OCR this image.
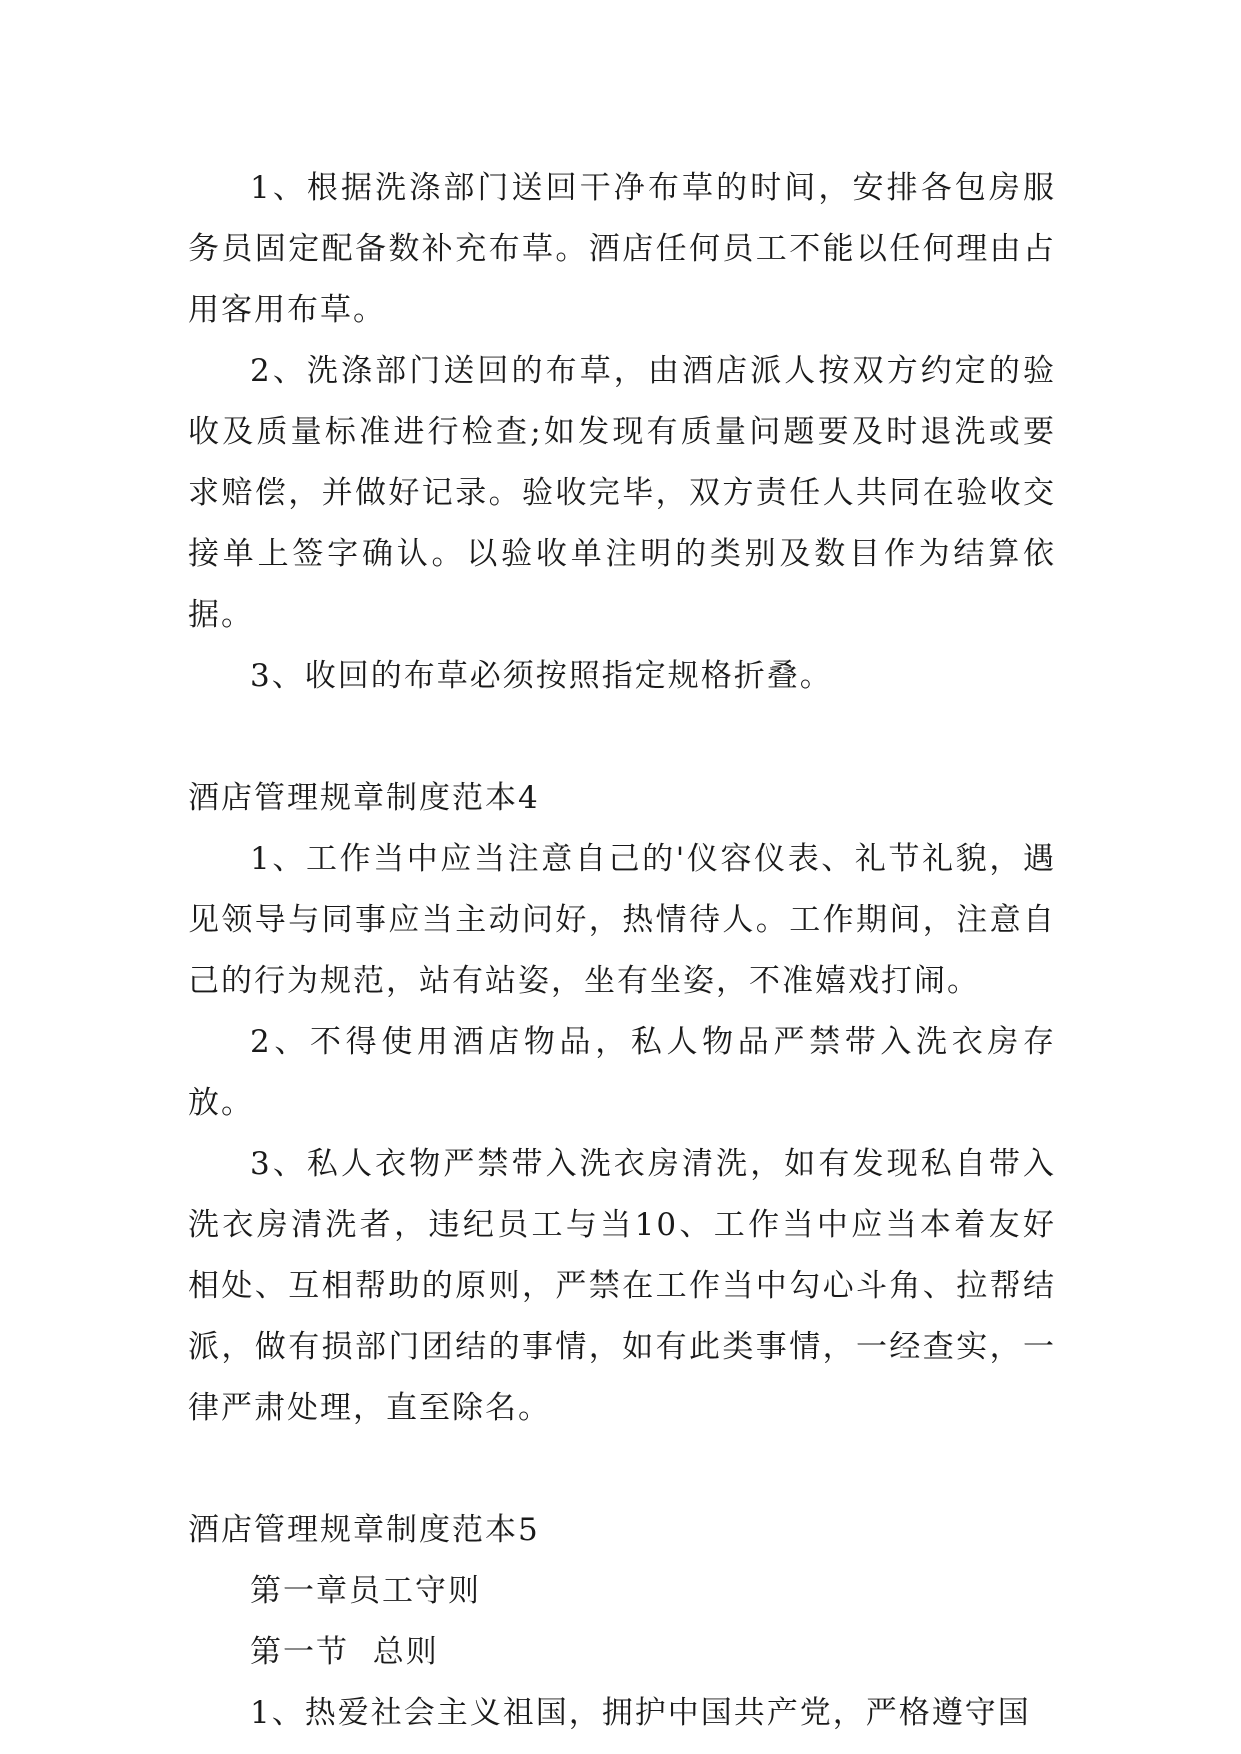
1、根据洗涤部门送回干净布草的时间，安排各包房服务员固定配备数补充布草。酒店任何员工不能以任何理由占用客用布草。

2、洗涤部门送回的布草，由酒店派人按双方约定的验收及质量标准进行检查;如发现有质量问题要及时退洗或要求赔偿，并做好记录。验收完毕，双方责任人共同在验收交接单上签字确认。以验收单注明的类别及数目作为结算依据。

3、收回的布草必须按照指定规格折叠。

酒店管理规章制度范本4

1、工作当中应当注意自己的'仪容仪表、礼节礼貌，遇见领导与同事应当主动问好，热情待人。工作期间，注意自己的行为规范，站有站姿，坐有坐姿，不准嬉戏打闹。

2、不得使用酒店物品，私人物品严禁带入洗衣房存放。

3、私人衣物严禁带入洗衣房清洗，如有发现私自带入洗衣房清洗者，违纪员工与当10、工作当中应当本着友好相处、互相帮助的原则，严禁在工作当中勾心斗角、拉帮结派，做有损部门团结的事情，如有此类事情，一经查实，一律严肃处理，直至除名。

酒店管理规章制度范本5

第一章员工守则

第一节  总则

1、热爱社会主义祖国，拥护中国共产党，严格遵守国
